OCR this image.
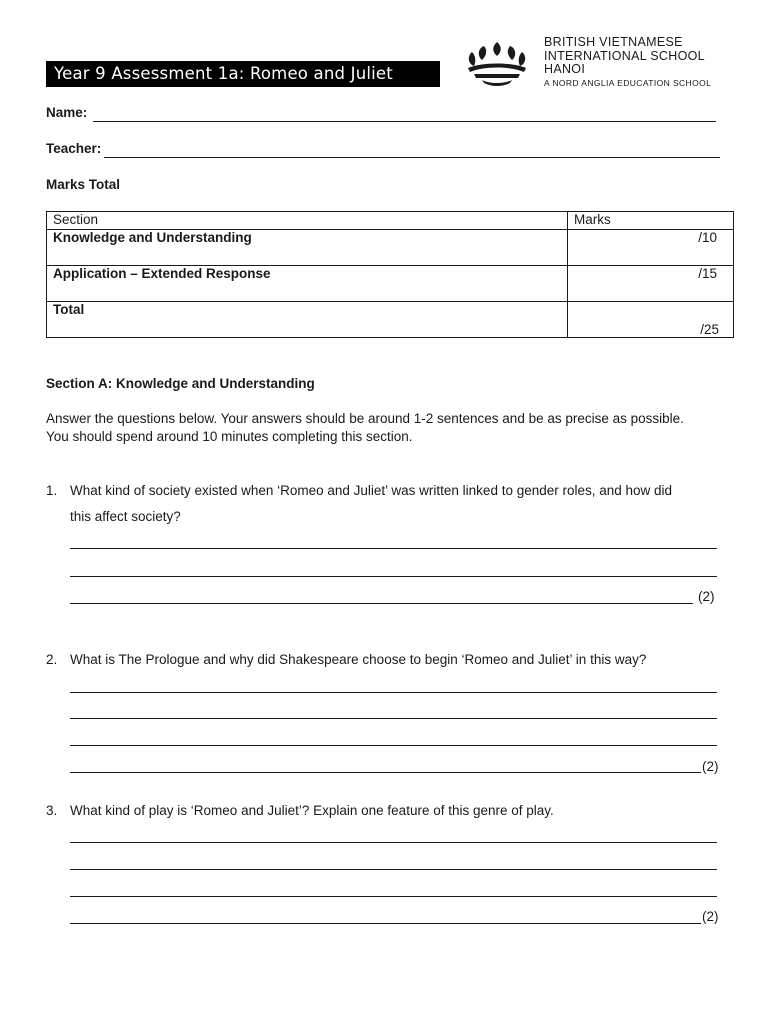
Year 9 Assessment 1a: Romeo and Juliet
BRITISH VIETNAMESE
INTERNATIONAL SCHOOL
HANOI
A NORD ANGLIA EDUCATION SCHOOL
Name:
Teacher:
Marks Total
Section	Marks
Knowledge and Understanding	/10
Application – Extended Response	/15
Total	/25
Section A: Knowledge and Understanding
Answer the questions below. Your answers should be around 1-2 sentences and be as precise as possible.
You should spend around 10 minutes completing this section.
1. What kind of society existed when ‘Romeo and Juliet’ was written linked to gender roles, and how did
this affect society?
(2)
2. What is The Prologue and why did Shakespeare choose to begin ‘Romeo and Juliet’ in this way?
(2)
3. What kind of play is ‘Romeo and Juliet’? Explain one feature of this genre of play.
(2)
